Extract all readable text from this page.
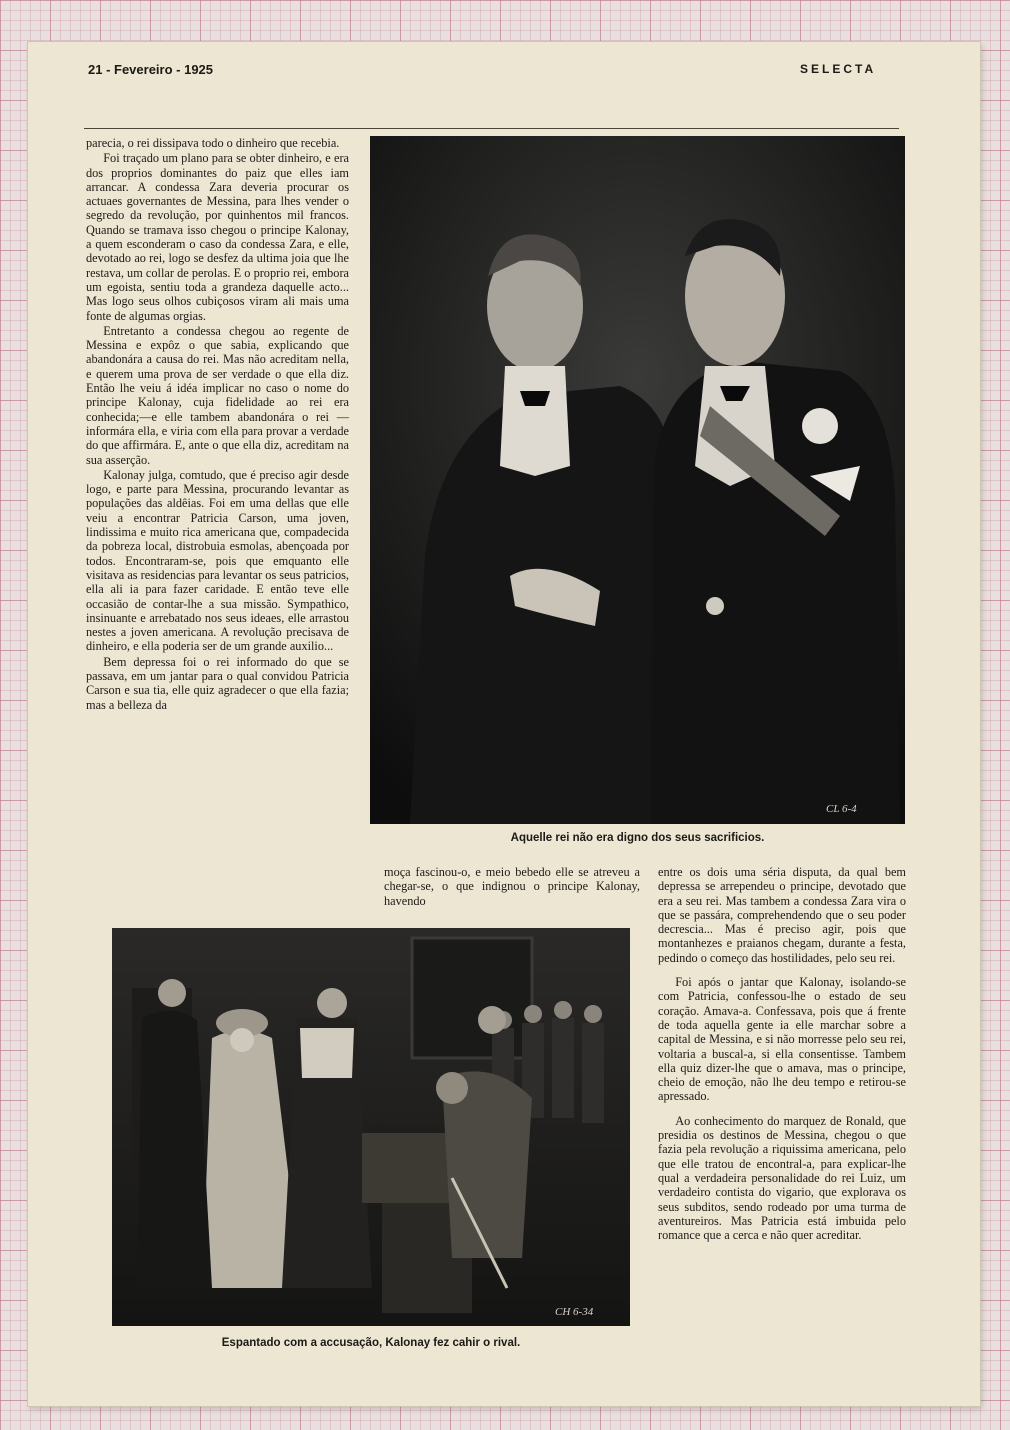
21 - Fevereiro - 1925	SELECTA

parecia, o rei dissipava todo o dinheiro que recebia.

Foi traçado um plano para se obter dinheiro, e era dos proprios dominantes do paiz que elles iam arrancar. A condessa Zara deveria procurar os actuaes governantes de Messina, para lhes vender o segredo da revolução, por quinhentos mil francos. Quando se tramava isso chegou o principe Kalonay, a quem esconderam o caso da condessa Zara, e elle, devotado ao rei, logo se desfez da ultima joia que lhe restava, um collar de perolas. E o proprio rei, embora um egoista, sentiu toda a grandeza daquelle acto... Mas logo seus olhos cubiçosos viram ali mais uma fonte de algumas orgias.

Entretanto a condessa chegou ao regente de Messina e expôz o que sabia, explicando que abandonára a causa do rei. Mas não acreditam nella, e querem uma prova de ser verdade o que ella diz. Então lhe veiu á idéa implicar no caso o nome do principe Kalonay, cuja fidelidade ao rei era conhecida;—e elle tambem abandonára o rei — informára ella, e viria com ella para provar a verdade do que affirmára. E, ante o que ella diz, acreditam na sua asserção.

Kalonay julga, comtudo, que é preciso agir desde logo, e parte para Messina, procurando levantar as populações das aldêias. Foi em uma dellas que elle veiu a encontrar Patricia Carson, uma joven, lindissima e muito rica americana que, compadecida da pobreza local, distrobuia esmolas, abençoada por todos. Encontraram-se, pois que emquanto elle visitava as residencias para levantar os seus patricios, ella ali ia para fazer caridade. E então teve elle occasião de contar-lhe a sua missão. Sympathico, insinuante e arrebatado nos seus ideaes, elle arrastou nestes a joven americana. A revolução precisava de dinheiro, e ella poderia ser de um grande auxilio...

Bem depressa foi o rei informado do que se passava, em um jantar para o qual convidou Patricia Carson e sua tia, elle quiz agradecer o que ella fazia; mas a belleza da

CL 6-4
Aquelle rei não era digno dos seus sacrificios.

moça fascinou-o, e meio bebedo elle se atreveu a chegar-se, o que indignou o principe Kalonay, havendo

entre os dois uma séria disputa, da qual bem depressa se arrependeu o principe, devotado que era a seu rei. Mas tambem a condessa Zara vira o que se passára, comprehendendo que o seu poder decrescia... Mas é preciso agir, pois que montanhezes e praianos chegam, durante a festa, pedindo o começo das hostilidades, pelo seu rei.

Foi após o jantar que Kalonay, isolando-se com Patricia, confessou-lhe o estado de seu coração. Amava-a. Confessava, pois que á frente de toda aquella gente ia elle marchar sobre a capital de Messina, e si não morresse pelo seu rei, voltaria a buscal-a, si ella consentisse. Tambem ella quiz dizer-lhe que o amava, mas o principe, cheio de emoção, não lhe deu tempo e retirou-se apressado.

Ao conhecimento do marquez de Ronald, que presidia os destinos de Messina, chegou o que fazia pela revolução a riquissima americana, pelo que elle tratou de encontral-a, para explicar-lhe qual a verdadeira personalidade do rei Luiz, um verdadeiro contista do vigario, que explorava os seus subditos, sendo rodeado por uma turma de aventureiros. Mas Patricia está imbuida pelo romance que a cerca e não quer acreditar.

CH 6-34
Espantado com a accusação, Kalonay fez cahir o rival.
